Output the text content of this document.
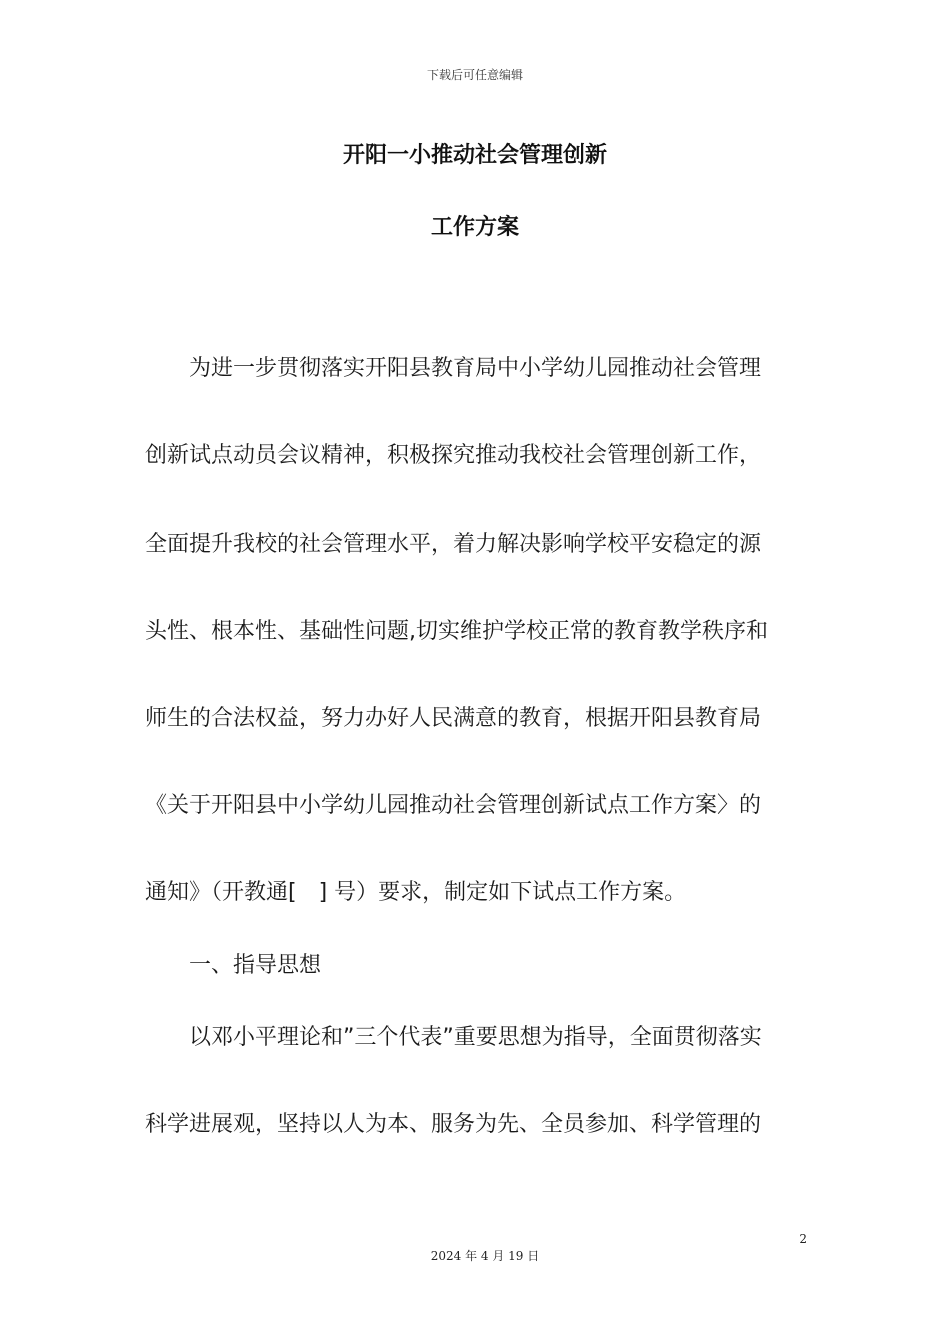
下载后可任意编辑
开阳一小推动社会管理创新
工作方案
　　为进一步贯彻落实开阳县教育局中小学幼儿园推动社会管理
创新试点动员会议精神，积极探究推动我校社会管理创新工作，
全面提升我校的社会管理水平，着力解决影响学校平安稳定的源
头性、根本性、基础性问题,切实维护学校正常的教育教学秩序和
师生的合法权益，努力办好人民满意的教育，根据开阳县教育局
《关于开阳县中小学幼儿园推动社会管理创新试点工作方案〉的
通知》（开教通[　] 号）要求，制定如下试点工作方案。
　　一、指导思想
　　以邓小平理论和”三个代表”重要思想为指导，全面贯彻落实
科学进展观，坚持以人为本、服务为先、全员参加、科学管理的
2
2024 年 4 月 19 日
